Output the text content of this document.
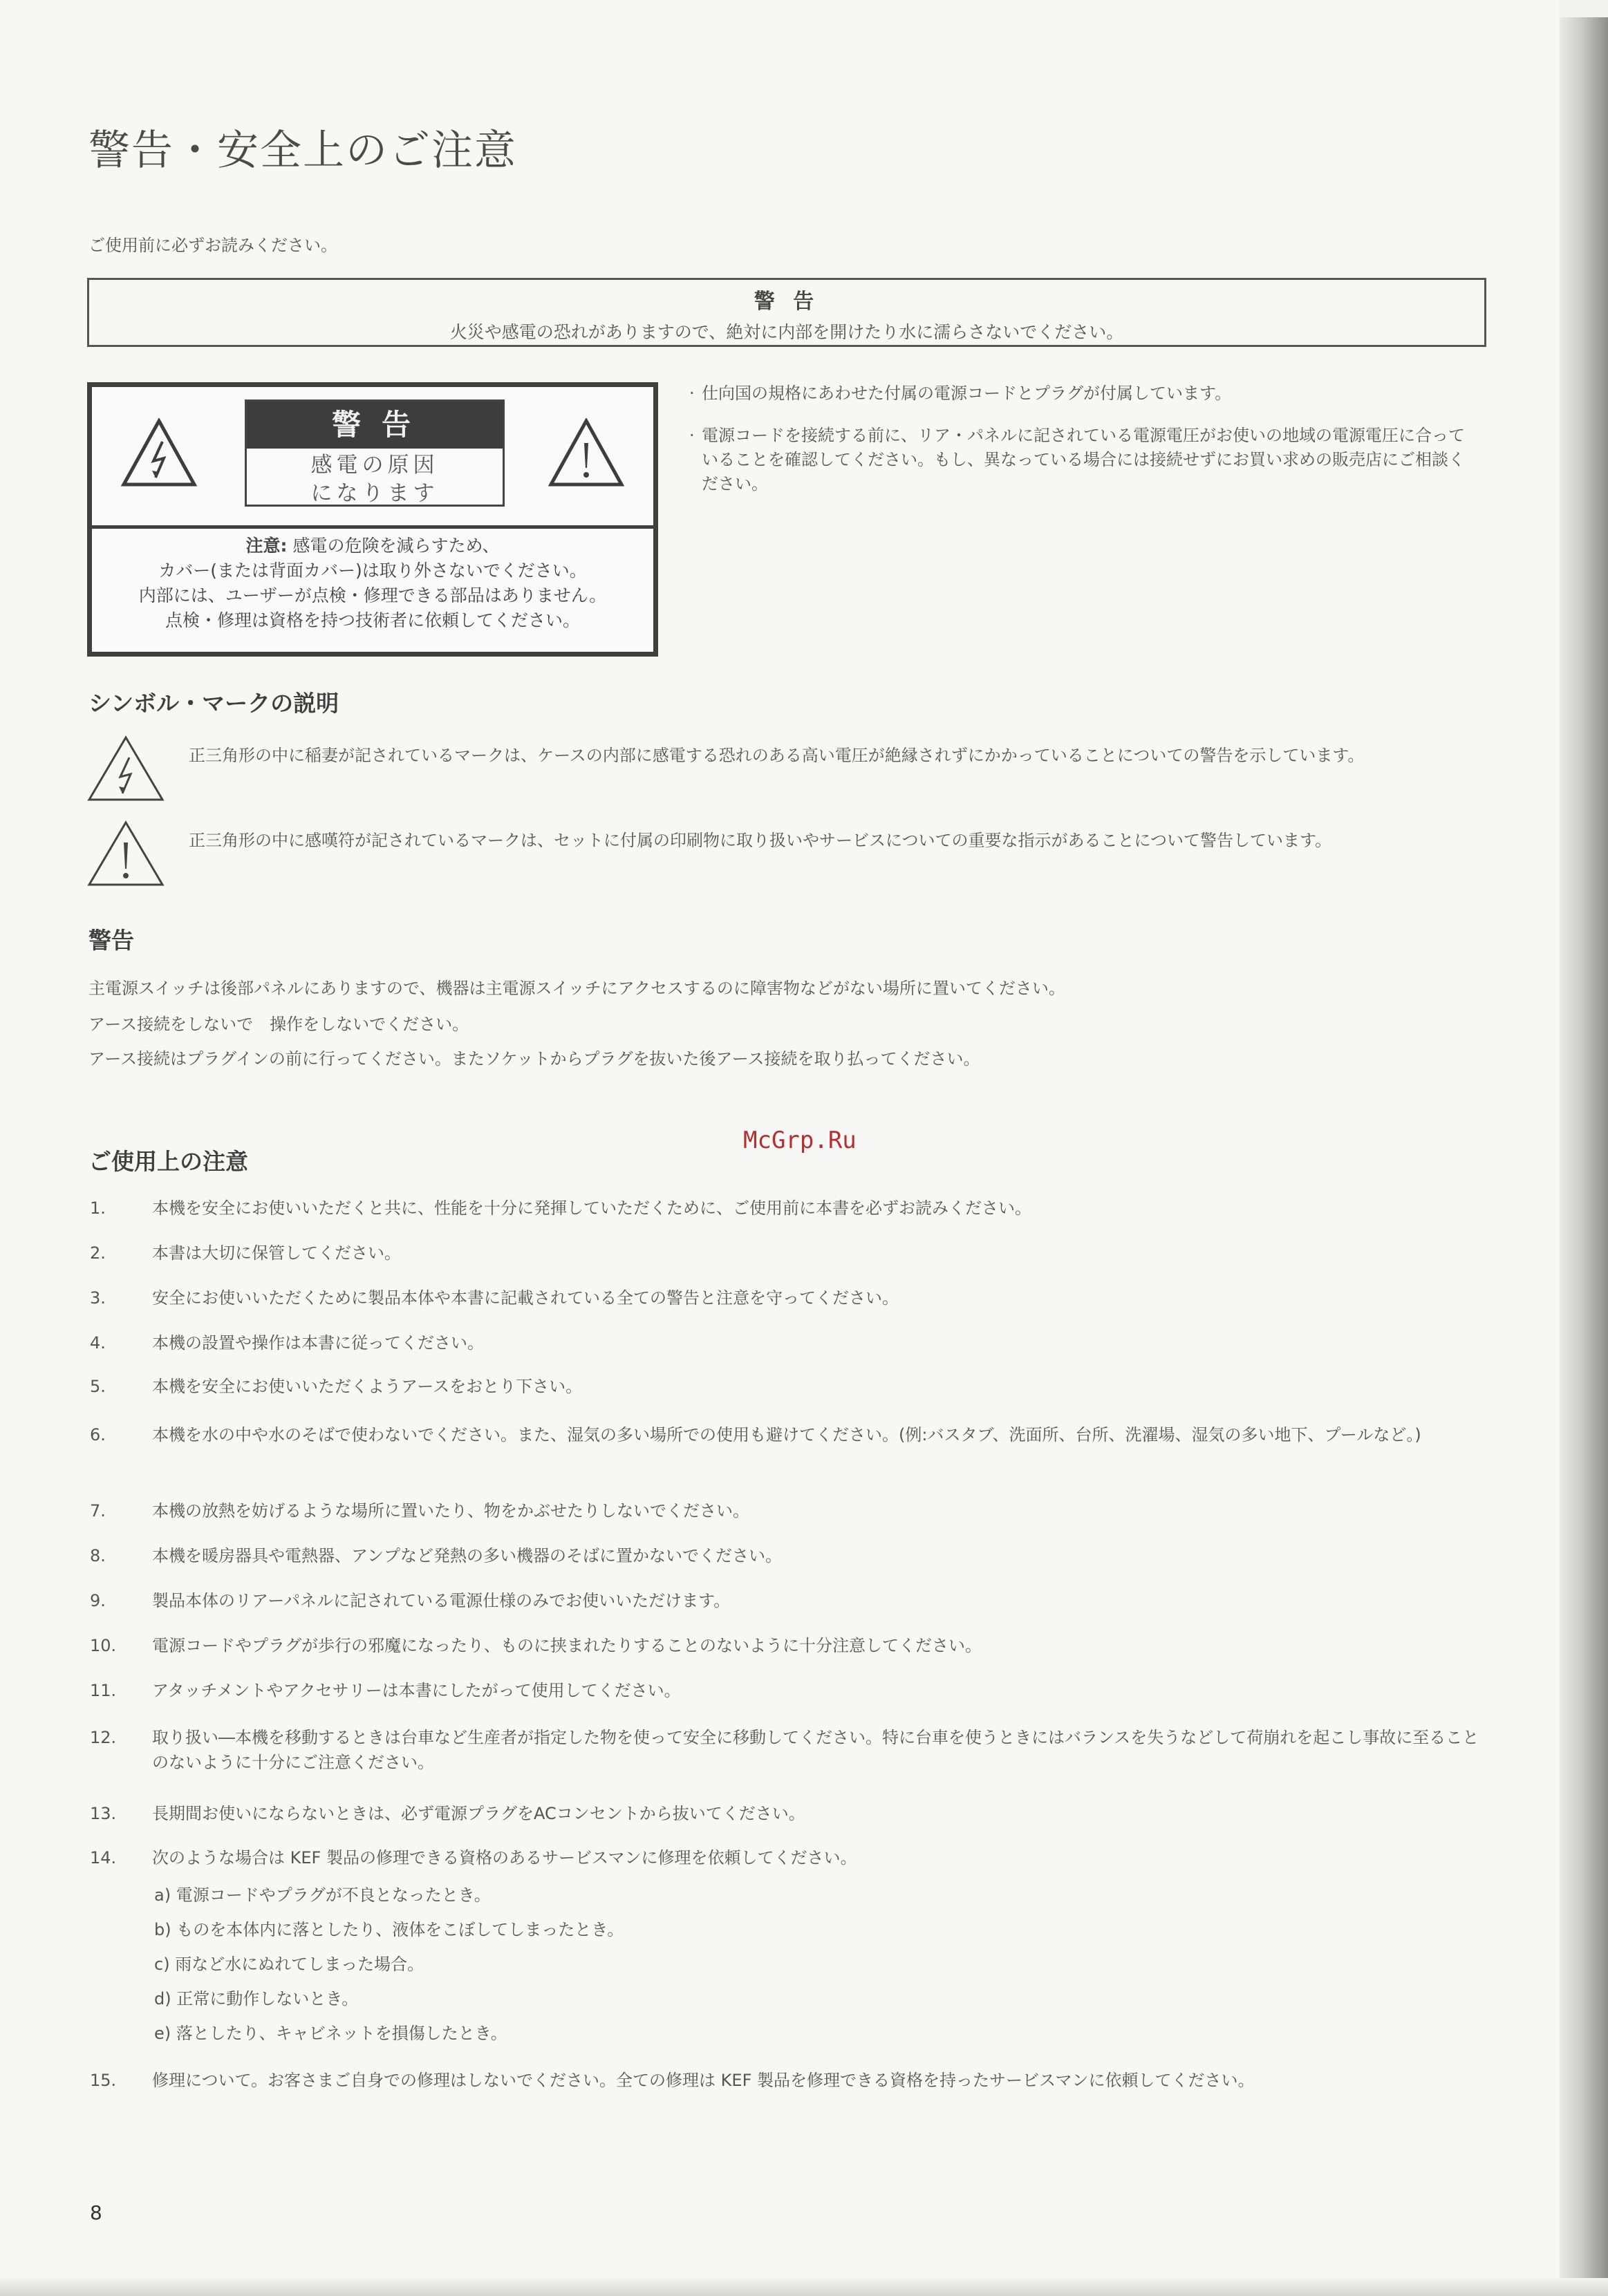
警告・安全上のご注意
ご使用前に必ずお読みください。
警 告
火災や感電の恐れがありますので、絶対に内部を開けたり水に濡らさないでください。
警告
感電の原因
になります
注意: 感電の危険を減らすため、
カバー(または背面カバー)は取り外さないでください。
内部には、ユーザーが点検・修理できる部品はありません。
点検・修理は資格を持つ技術者に依頼してください。
· 仕向国の規格にあわせた付属の電源コードとプラグが付属しています。
· 電源コードを接続する前に、リア・パネルに記されている電源電圧がお使いの地域の電源電圧に合っていることを確認してください。もし、異なっている場合には接続せずにお買い求めの販売店にご相談ください。
シンボル・マークの説明
正三角形の中に稲妻が記されているマークは、ケースの内部に感電する恐れのある高い電圧が絶縁されずにかかっていることについての警告を示しています。
正三角形の中に感嘆符が記されているマークは、セットに付属の印刷物に取り扱いやサービスについての重要な指示があることについて警告しています。
警告
主電源スイッチは後部パネルにありますので、機器は主電源スイッチにアクセスするのに障害物などがない場所に置いてください。
アース接続をしないで　操作をしないでください。
アース接続はプラグインの前に行ってください。またソケットからプラグを抜いた後アース接続を取り払ってください。
ご使用上の注意
McGrp.Ru
1.	本機を安全にお使いいただくと共に、性能を十分に発揮していただくために、ご使用前に本書を必ずお読みください。
2.	本書は大切に保管してください。
3.	安全にお使いいただくために製品本体や本書に記載されている全ての警告と注意を守ってください。
4.	本機の設置や操作は本書に従ってください。
5.	本機を安全にお使いいただくようアースをおとり下さい。
6.	本機を水の中や水のそばで使わないでください。また、湿気の多い場所での使用も避けてください。(例:バスタブ、洗面所、台所、洗濯場、湿気の多い地下、プールなど。)
7.	本機の放熱を妨げるような場所に置いたり、物をかぶせたりしないでください。
8.	本機を暖房器具や電熱器、アンプなど発熱の多い機器のそばに置かないでください。
9.	製品本体のリアーパネルに記されている電源仕様のみでお使いいただけます。
10.	電源コードやプラグが歩行の邪魔になったり、ものに挟まれたりすることのないように十分注意してください。
11.	アタッチメントやアクセサリーは本書にしたがって使用してください。
12.	取り扱い―本機を移動するときは台車など生産者が指定した物を使って安全に移動してください。特に台車を使うときにはバランスを失うなどして荷崩れを起こし事故に至ることのないように十分にご注意ください。
13.	長期間お使いにならないときは、必ず電源プラグをACコンセントから抜いてください。
14.	次のような場合は KEF 製品の修理できる資格のあるサービスマンに修理を依頼してください。
a) 電源コードやプラグが不良となったとき。
b) ものを本体内に落としたり、液体をこぼしてしまったとき。
c) 雨など水にぬれてしまった場合。
d) 正常に動作しないとき。
e) 落としたり、キャビネットを損傷したとき。
15.	修理について。お客さまご自身での修理はしないでください。全ての修理は KEF 製品を修理できる資格を持ったサービスマンに依頼してください。
8
